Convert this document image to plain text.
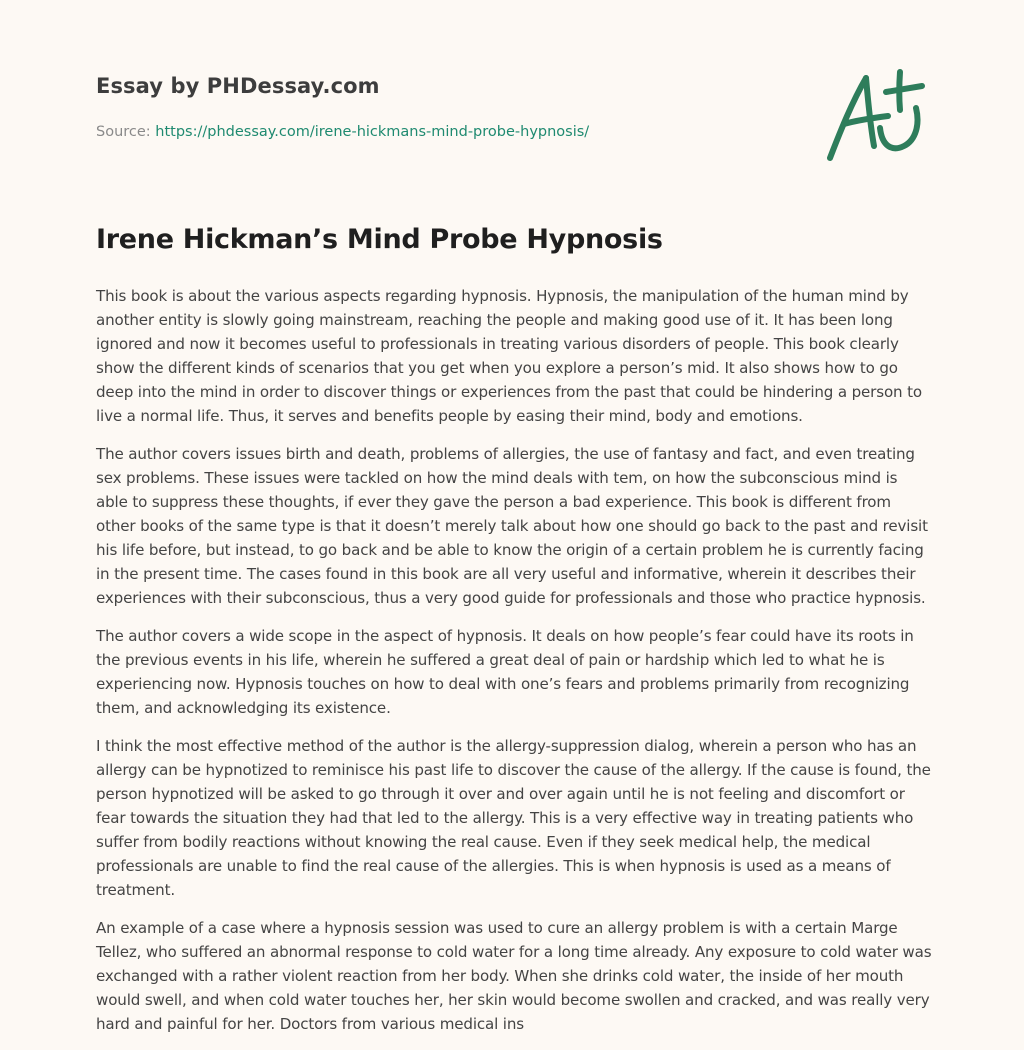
Essay by PHDessay.com
Source: https://phdessay.com/irene-hickmans-mind-probe-hypnosis/
Irene Hickman’s Mind Probe Hypnosis

This book is about the various aspects regarding hypnosis. Hypnosis, the manipulation of the human mind by another entity is slowly going mainstream, reaching the people and making good use of it. It has been long ignored and now it becomes useful to professionals in treating various disorders of people. This book clearly show the different kinds of scenarios that you get when you explore a person’s mid. It also shows how to go deep into the mind in order to discover things or experiences from the past that could be hindering a person to live a normal life. Thus, it serves and benefits people by easing their mind, body and emotions.

The author covers issues birth and death, problems of allergies, the use of fantasy and fact, and even treating sex problems. These issues were tackled on how the mind deals with tem, on how the subconscious mind is able to suppress these thoughts, if ever they gave the person a bad experience. This book is different from other books of the same type is that it doesn’t merely talk about how one should go back to the past and revisit his life before, but instead, to go back and be able to know the origin of a certain problem he is currently facing in the present time. The cases found in this book are all very useful and informative, wherein it describes their experiences with their subconscious, thus a very good guide for professionals and those who practice hypnosis.

The author covers a wide scope in the aspect of hypnosis. It deals on how people’s fear could have its roots in the previous events in his life, wherein he suffered a great deal of pain or hardship which led to what he is experiencing now. Hypnosis touches on how to deal with one’s fears and problems primarily from recognizing them, and acknowledging its existence.

I think the most effective method of the author is the allergy-suppression dialog, wherein a person who has an allergy can be hypnotized to reminisce his past life to discover the cause of the allergy. If the cause is found, the person hypnotized will be asked to go through it over and over again until he is not feeling and discomfort or fear towards the situation they had that led to the allergy. This is a very effective way in treating patients who suffer from bodily reactions without knowing the real cause. Even if they seek medical help, the medical professionals are unable to find the real cause of the allergies. This is when hypnosis is used as a means of treatment.

An example of a case where a hypnosis session was used to cure an allergy problem is with a certain Marge Tellez, who suffered an abnormal response to cold water for a long time already. Any exposure to cold water was exchanged with a rather violent reaction from her body. When she drinks cold water, the inside of her mouth would swell, and when cold water touches her, her skin would become swollen and cracked, and was really very hard and painful for her. Doctors from various medical ins
